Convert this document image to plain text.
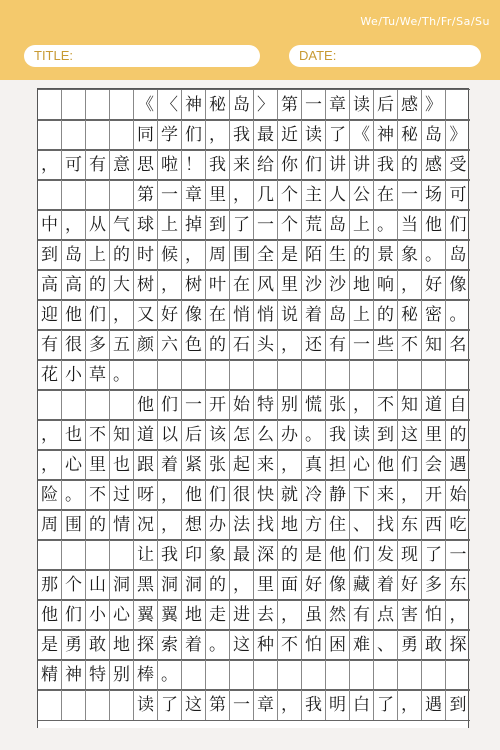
We/Tu/We/Th/Fr/Sa/Su
TITLE:	DATE:
《 〈 神 秘 岛 〉 第 一 章 读 后 感 》
同 学 们 ， 我 最 近 读 了 《 神 秘 岛 》
， 可 有 意 思 啦 ！ 我 来 给 你 们 讲 讲 我 的 感 受
第 一 章 里 ， 几 个 主 人 公 在 一 场 可
中 ， 从 气 球 上 掉 到 了 一 个 荒 岛 上 。 当 他 们
到 岛 上 的 时 候 ， 周 围 全 是 陌 生 的 景 象 。 岛
高 高 的 大 树 ， 树 叶 在 风 里 沙 沙 地 响 ， 好 像
迎 他 们 ， 又 好 像 在 悄 悄 说 着 岛 上 的 秘 密 。
有 很 多 五 颜 六 色 的 石 头 ， 还 有 一 些 不 知 名
花 小 草 。
他 们 一 开 始 特 别 慌 张 ， 不 知 道 自
， 也 不 知 道 以 后 该 怎 么 办 。 我 读 到 这 里 的
， 心 里 也 跟 着 紧 张 起 来 ， 真 担 心 他 们 会 遇
险 。 不 过 呀 ， 他 们 很 快 就 冷 静 下 来 ， 开 始
周 围 的 情 况 ， 想 办 法 找 地 方 住 、 找 东 西 吃
让 我 印 象 最 深 的 是 他 们 发 现 了 一
那 个 山 洞 黑 洞 洞 的 ， 里 面 好 像 藏 着 好 多 东
他 们 小 心 翼 翼 地 走 进 去 ， 虽 然 有 点 害 怕 ，
是 勇 敢 地 探 索 着 。 这 种 不 怕 困 难 、 勇 敢 探
精 神 特 别 棒 。
读 了 这 第 一 章 ， 我 明 白 了 ， 遇 到
